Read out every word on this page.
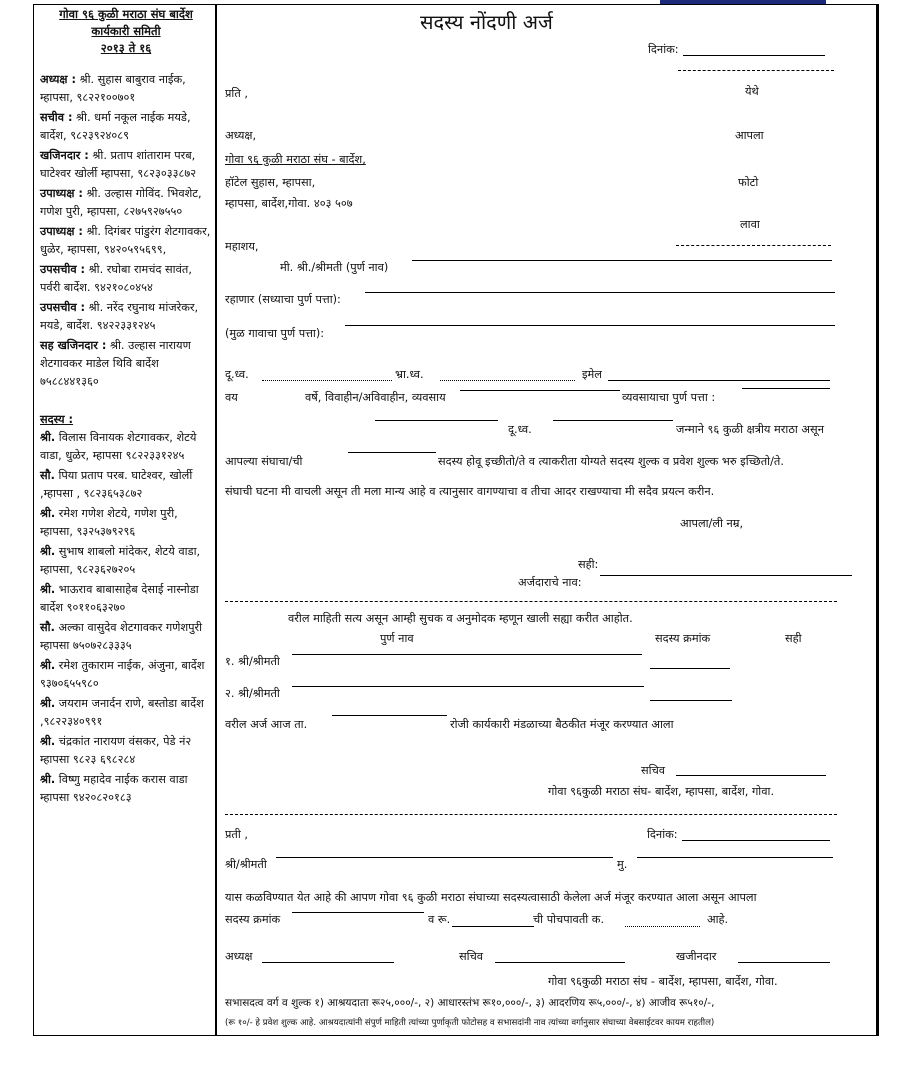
गोवा ९६ कुळी मराठा संघ बार्देश
कार्यकारी समिती
२०१३ ते १६
अध्यक्ष : श्री. सुहास बाबुराव नाईक, म्हापसा, ९८२२१००७०१
सचीव : श्री. धर्मा नकूल नाईक मयडे, बार्देश, ९८२३९२४०८९
खजिनदार : श्री. प्रताप शांताराम परब, घाटेश्वर खोर्ली म्हापसा, ९८२३०३३८७२
उपाध्यक्ष : श्री. उल्हास गोविंद. भिवशेट, गणेश पुरी, म्हापसा, ८२७५९२७५५०
उपाध्यक्ष : श्री. दिगंबर पांडुरंग शेटगावकर, धुळेर, म्हापसा, ९४२०५९५६९९,
उपसचीव : श्री. रघोबा रामचंद सावंत, पर्वरी बार्देश. ९४२१०८०४५४
उपसचीव : श्री. नरेंद रघुनाथ मांजरेकर, मयडे, बार्देश. ९४२२३३१२४५
सह खजिनदार : श्री. उल्हास नारायण शेटगावकर माडेल थिवि बार्देश ७५८८४४१३६०
सदस्य :
श्री. विलास विनायक शेटगावकर, शेटये वाडा, धुळेर, म्हापसा ९८२२३३१२४५
सौ. पिया प्रताप परब. घाटेश्वर, खोर्ली ,म्हापसा , ९८२३६५३८७२
श्री. रमेश गणेश शेटये, गणेश पुरी, म्हापसा, ९३२५३७९२९६
श्री. सुभाष शाबलो मांदेकर, शेटये वाडा, म्हापसा, ९८२३६२७२०५
श्री. भाऊराव बाबासाहेब देसाई नास्नोडा बार्देश ९०११०६३२७०
सौ. अल्का वासुदेव शेटगावकर गणेशपुरी म्हापसा ७५०७२८३३३५
श्री. रमेश तुकाराम नाईक, अंजुना, बार्देश ९३७०६५५९८०
श्री. जयराम जनार्दन राणे, बस्तोडा बार्देश ,९८२२३४०९९१
श्री. चंद्रकांत नारायण वंसकर, पेडे नं२ म्हापसा ९८२३ ६९८२८४
श्री. विष्णु महादेव नाईक करास वाडा म्हापसा ९४२०८२०१८३
सदस्य नोंदणी अर्ज
दिनांक:
प्रति ,	येथे
अध्यक्ष,	आपला
गोवा ९६ कुळी मराठा संघ - बार्देश,
हॉटेल सुहास, म्हापसा,	फोटो
म्हापसा, बार्देश,गोवा. ४०३ ५०७
लावा
महाशय,
मी. श्री./श्रीमती (पुर्ण नाव)
रहाणार (सध्याचा पुर्ण पत्ता):
(मुळ गावाचा पुर्ण पत्ता):
दू.ध्व.	भ्रा.ध्व.	इमेल
वय	वर्षे, विवाहीन/अविवाहीन, व्यवसाय	व्यवसायाचा पुर्ण पत्ता :
दू.ध्व.	जन्माने ९६ कुळी क्षत्रीय मराठा असून
आपल्या संघाचा/ची	सदस्य होवू इच्छीतो/ते व त्याकरीता योग्यते सदस्य शुल्क व प्रवेश शुल्क भरु इच्छितो/ते.
संघाची घटना मी वाचली असून ती मला मान्य आहे व त्यानुसार वागण्याचा व तीचा आदर राखण्याचा मी सदैव प्रयत्न करीन.
आपला/ली नम्र,
सही:
अर्जदाराचे नाव:
वरील माहिती सत्य असून आम्ही सुचक व अनुमोदक म्हणून खाली सह्या करीत आहोत.
पुर्ण नाव	सदस्य क्रमांक	सही
१. श्री/श्रीमती
२. श्री/श्रीमती
वरील अर्ज आज ता.	रोजी कार्यकारी मंडळाच्या बैठकीत मंजूर करण्यात आला
सचिव
गोवा ९६कुळी मराठा संघ- बार्देश, म्हापसा, बार्देश, गोवा.
प्रती ,	दिनांक:
श्री/श्रीमती	मु.
यास कळविण्यात येत आहे की आपण गोवा ९६ कुळी मराठा संघाच्या सदस्यत्वासाठी केलेला अर्ज मंजूर करण्यात आला असून आपला
सदस्य क्रमांक	व रू.	ची पोचपावती क.	आहे.
अध्यक्ष	सचिव	खजीनदार
गोवा ९६कुळी मराठा संघ - बार्देश, म्हापसा, बार्देश, गोवा.
सभासदत्व वर्ग व शुल्क १) आश्रयदाता रू२५,०००/-, २) आधारस्तंभ रू१०,०००/-, ३) आदरणिय रू५,०००/-, ४) आजीव रू५१०/-,
(रू १०/- हे प्रवेश शुल्क आहे. आश्रयदात्यांनी संपुर्ण माहिती त्यांच्या पुर्णाकृती फोटोसह व सभासदांनी नाव त्यांच्या वर्गानुसार संघाच्या वेबसाईटवर कायम राहतील)
